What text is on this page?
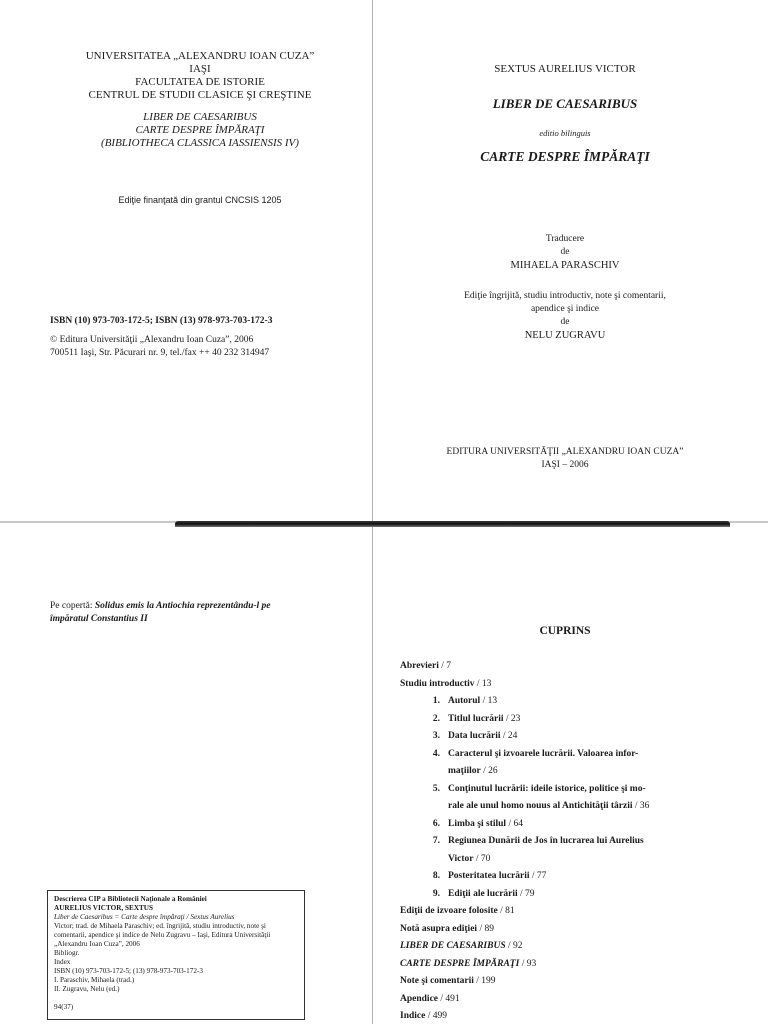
UNIVERSITATEA „ALEXANDRU IOAN CUZA”
IAŞI
FACULTATEA DE ISTORIE
CENTRUL DE STUDII CLASICE ŞI CREŞTINE
LIBER DE CAESARIBUS
CARTE DESPRE ÎMPĂRAŢI
(BIBLIOTHECA CLASSICA IASSIENSIS IV)
Ediţie finanţată din grantul CNCSIS 1205
ISBN (10) 973-703-172-5; ISBN (13) 978-973-703-172-3
© Editura Universităţii „Alexandru Ioan Cuza”, 2006
700511 Iaşi, Str. Păcurari nr. 9, tel./fax ++ 40 232 314947
SEXTUS AURELIUS VICTOR
LIBER DE CAESARIBUS
editio bilinguis
CARTE DESPRE ÎMPĂRAŢI
Traducere
de
MIHAELA PARASCHIV
Ediţie îngrijită, studiu introductiv, note şi comentarii,
apendice şi indice
de
NELU ZUGRAVU
EDITURA UNIVERSITĂŢII „ALEXANDRU IOAN CUZA”
IAŞI – 2006
Pe copertă: Solidus emis la Antiochia reprezentându-l pe
împăratul Constantius II
Descrierea CIP a Bibliotecii Naţionale a României
AURELIUS VICTOR, SEXTUS
Liber de Caesaribus = Carte despre împăraţi / Sextus Aurelius
Victor; trad. de Mihaela Paraschiv; ed. îngrijită, studiu introductiv, note şi
comentarii, apendice şi indice de Nelu Zugravu – Iaşi, Editura Universităţii
„Alexandru Ioan Cuza”, 2006
Bibliogr.
Index
ISBN (10) 973-703-172-5; (13) 978-973-703-172-3
I. Paraschiv, Mihaela (trad.)
II. Zugravu, Nelu (ed.)
94(37)
CUPRINS
Abrevieri / 7
Studiu introductiv / 13
1. Autorul / 13
2. Titlul lucrării / 23
3. Data lucrării / 24
4. Caracterul şi izvoarele lucrării. Valoarea infor-
maţiilor / 26
5. Conţinutul lucrării: ideile istorice, politice şi mo-
rale ale unul homo nouus al Antichităţii târzii / 36
6. Limba şi stilul / 64
7. Regiunea Dunării de Jos în lucrarea lui Aurelius
Victor / 70
8. Posteritatea lucrării / 77
9. Ediţii ale lucrării / 79
Ediţii de izvoare folosite / 81
Notă asupra ediţiei / 89
LIBER DE CAESARIBUS / 92
CARTE DESPRE ÎMPĂRAŢI / 93
Note şi comentarii / 199
Apendice / 491
Indice / 499
